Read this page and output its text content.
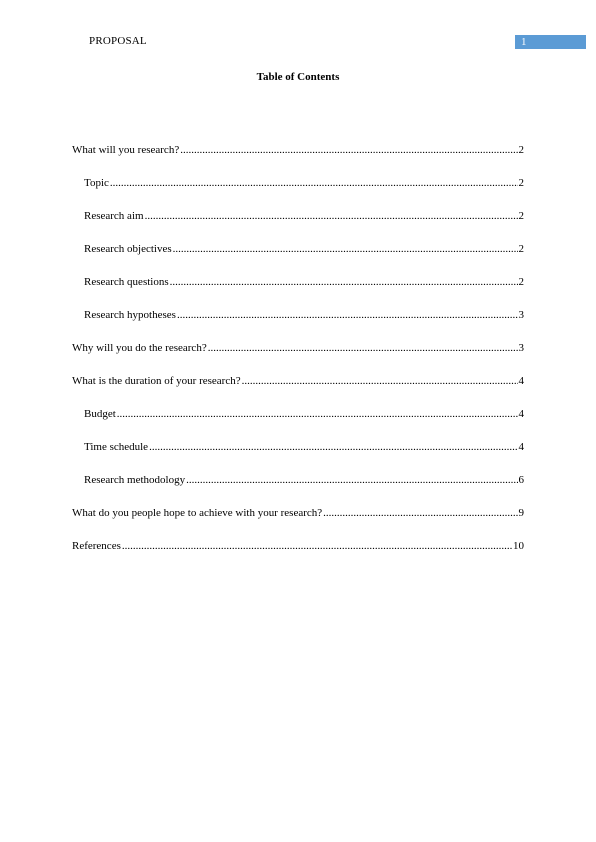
PROPOSAL	1
Table of Contents
What will you research? .....	2
Topic .....	2
Research aim .....	2
Research objectives .....	2
Research questions .....	2
Research hypotheses .....	3
Why will you do the research? .....	3
What is the duration of your research? .....	4
Budget .....	4
Time schedule .....	4
Research methodology .....	6
What do you people hope to achieve with your research? .....	9
References .....	10
